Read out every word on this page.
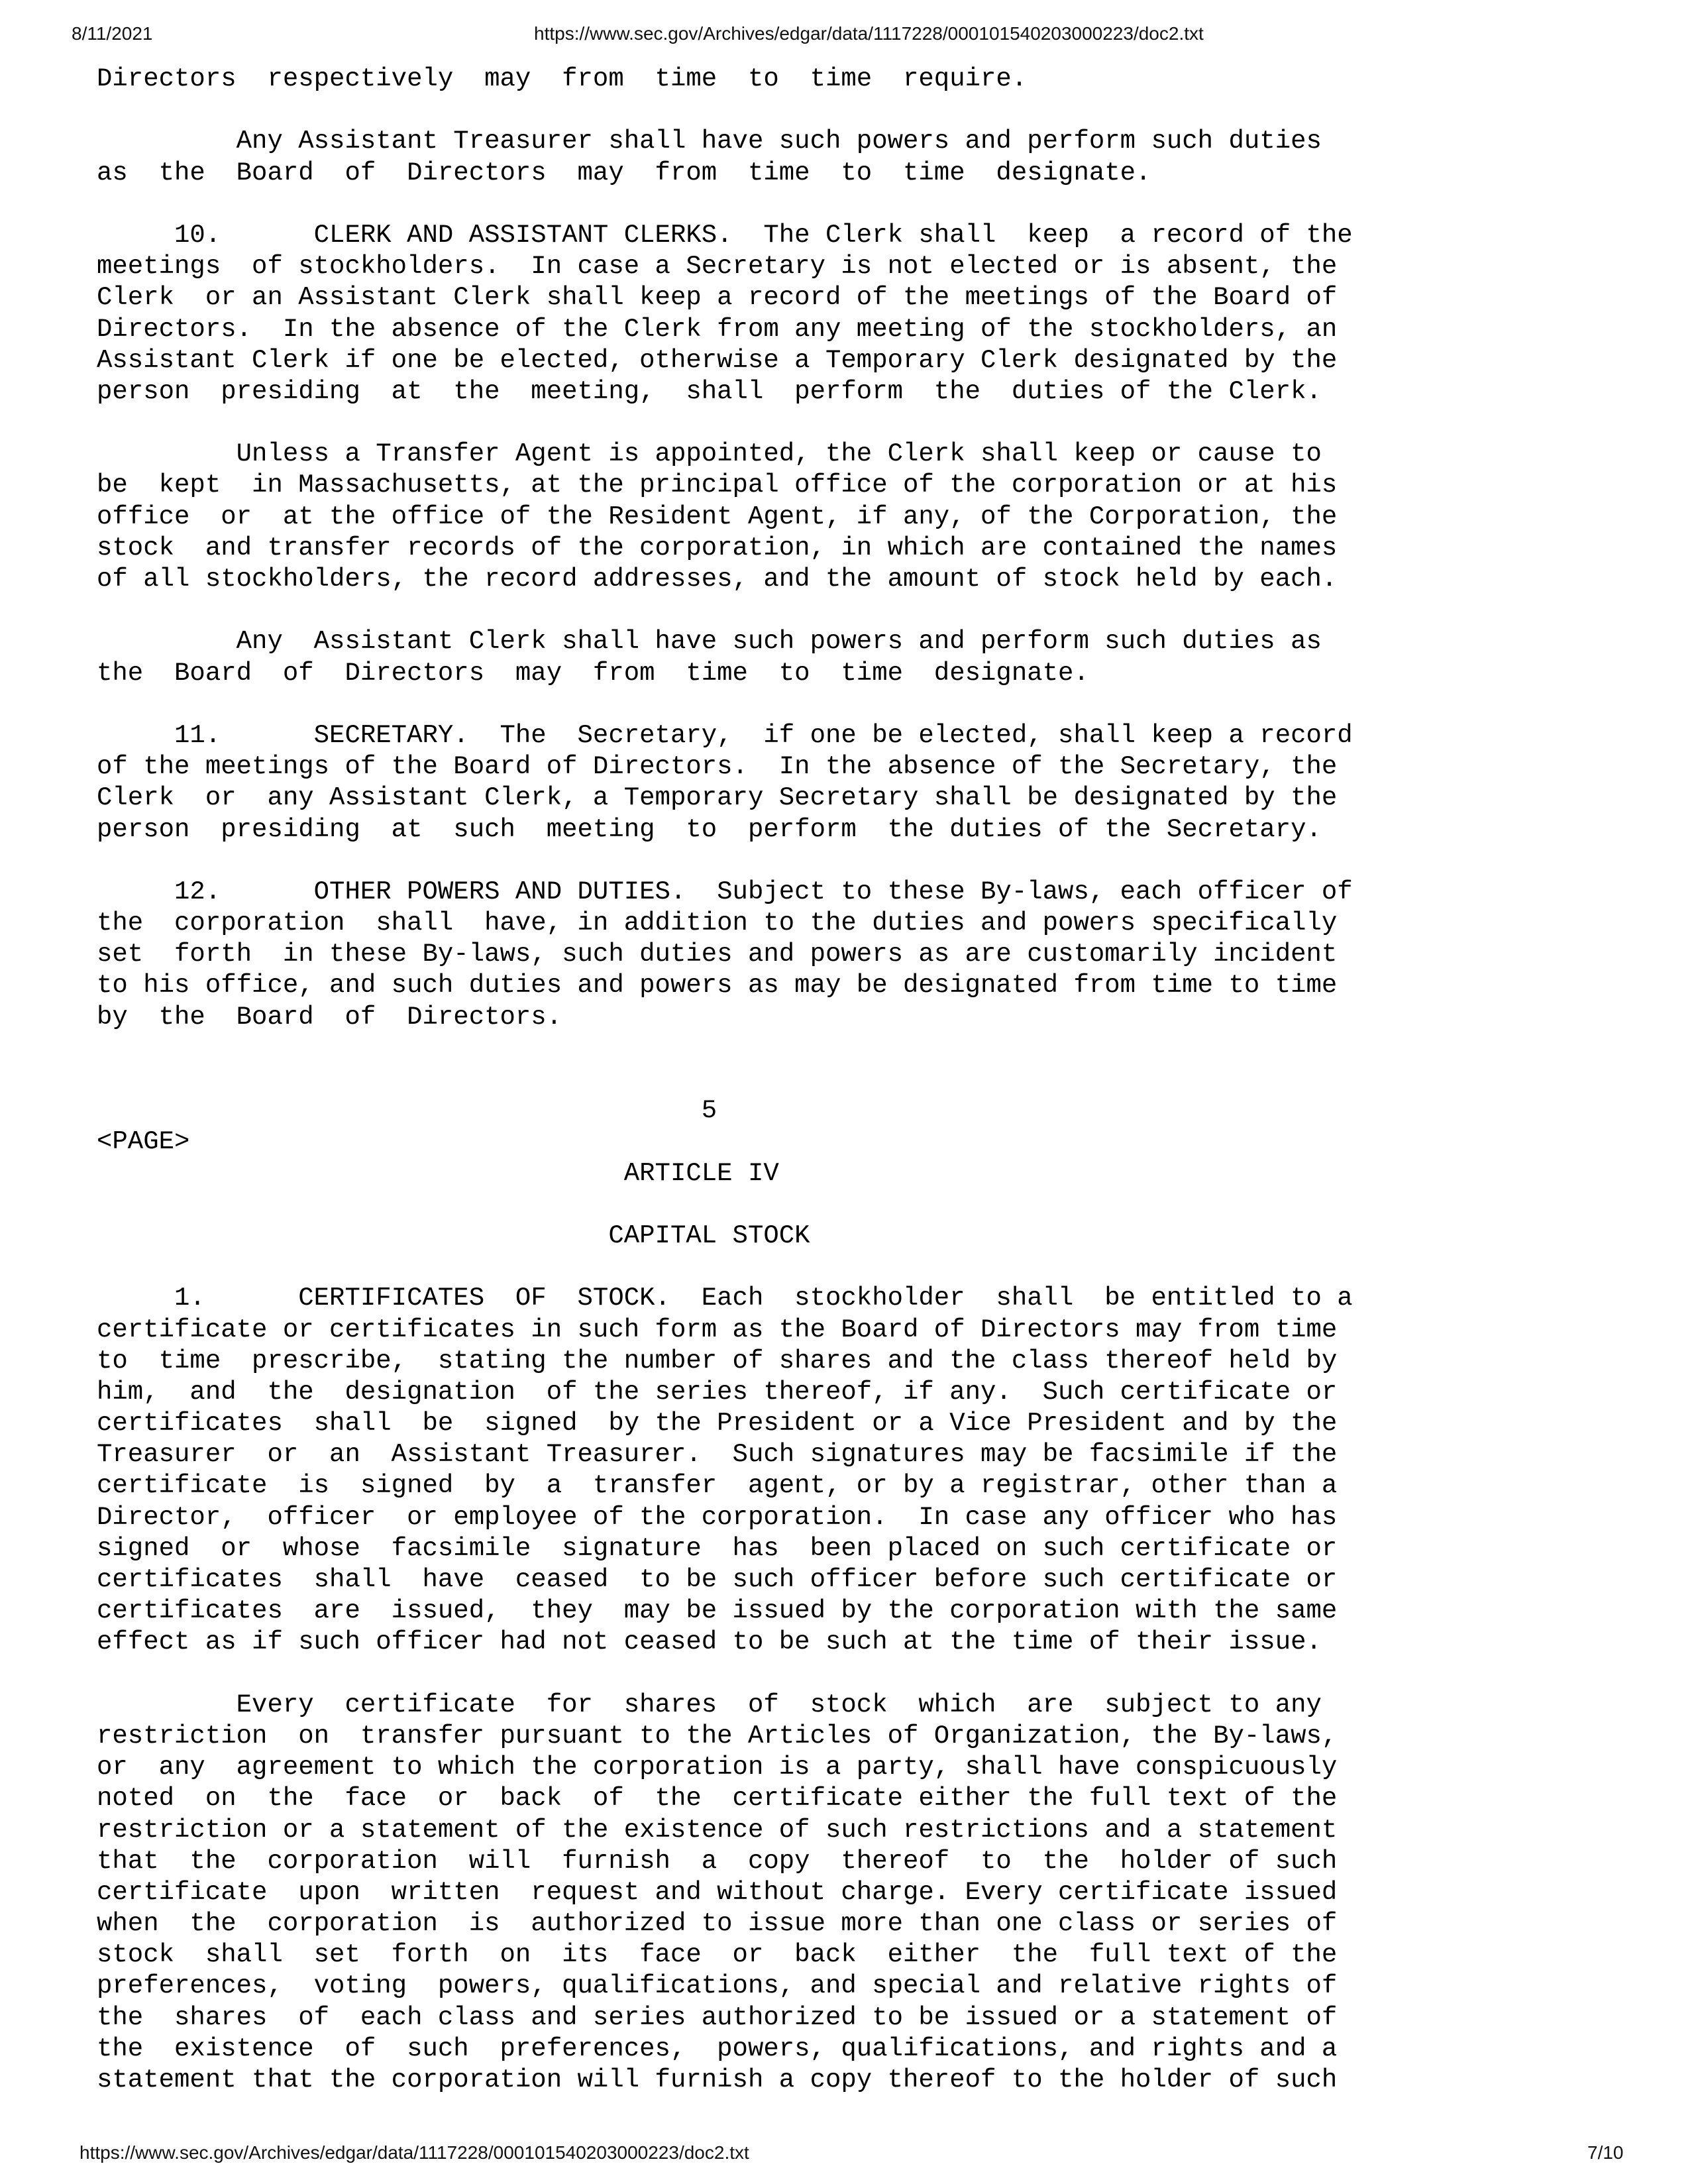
8/11/2021	https://www.sec.gov/Archives/edgar/data/1117228/000101540203000223/doc2.txt
Directors  respectively  may  from  time  to  time  require.
Any Assistant Treasurer shall have such powers and perform such duties
as  the  Board  of  Directors  may  from  time  to  time  designate.
10.      CLERK AND ASSISTANT CLERKS.  The Clerk shall  keep  a record of the
meetings  of stockholders.  In case a Secretary is not elected or is absent, the
Clerk  or an Assistant Clerk shall keep a record of the meetings of the Board of
Directors.  In the absence of the Clerk from any meeting of the stockholders, an
Assistant Clerk if one be elected, otherwise a Temporary Clerk designated by the
person  presiding  at  the  meeting,  shall  perform  the  duties of the Clerk.
Unless a Transfer Agent is appointed, the Clerk shall keep or cause to
be  kept  in Massachusetts, at the principal office of the corporation or at his
office  or  at the office of the Resident Agent, if any, of the Corporation, the
stock  and transfer records of the corporation, in which are contained the names
of all stockholders, the record addresses, and the amount of stock held by each.
Any  Assistant Clerk shall have such powers and perform such duties as
the  Board  of  Directors  may  from  time  to  time  designate.
11.      SECRETARY.  The  Secretary,  if one be elected, shall keep a record
of the meetings of the Board of Directors.  In the absence of the Secretary, the
Clerk  or  any Assistant Clerk, a Temporary Secretary shall be designated by the
person  presiding  at  such  meeting  to  perform  the duties of the Secretary.
12.      OTHER POWERS AND DUTIES.  Subject to these By-laws, each officer of
the  corporation  shall  have, in addition to the duties and powers specifically
set  forth  in these By-laws, such duties and powers as are customarily incident
to his office, and such duties and powers as may be designated from time to time
by  the  Board  of  Directors.
5
<PAGE>
ARTICLE IV
CAPITAL STOCK
1.      CERTIFICATES  OF  STOCK.  Each  stockholder  shall  be entitled to a
certificate or certificates in such form as the Board of Directors may from time
to  time  prescribe,  stating the number of shares and the class thereof held by
him,  and  the  designation  of the series thereof, if any.  Such certificate or
certificates  shall  be  signed  by the President or a Vice President and by the
Treasurer  or  an  Assistant Treasurer.  Such signatures may be facsimile if the
certificate  is  signed  by  a  transfer  agent, or by a registrar, other than a
Director,  officer  or employee of the corporation.  In case any officer who has
signed  or  whose  facsimile  signature  has  been placed on such certificate or
certificates  shall  have  ceased  to be such officer before such certificate or
certificates  are  issued,  they  may be issued by the corporation with the same
effect as if such officer had not ceased to be such at the time of their issue.
Every  certificate  for  shares  of  stock  which  are  subject to any
restriction  on  transfer pursuant to the Articles of Organization, the By-laws,
or  any  agreement to which the corporation is a party, shall have conspicuously
noted  on  the  face  or  back  of  the  certificate either the full text of the
restriction or a statement of the existence of such restrictions and a statement
that  the  corporation  will  furnish  a  copy  thereof  to  the  holder of such
certificate  upon  written  request and without charge. Every certificate issued
when  the  corporation  is  authorized to issue more than one class or series of
stock  shall  set  forth  on  its  face  or  back  either  the  full text of the
preferences,  voting  powers, qualifications, and special and relative rights of
the  shares  of  each class and series authorized to be issued or a statement of
the  existence  of  such  preferences,  powers, qualifications, and rights and a
statement that the corporation will furnish a copy thereof to the holder of such
https://www.sec.gov/Archives/edgar/data/1117228/000101540203000223/doc2.txt	7/10
